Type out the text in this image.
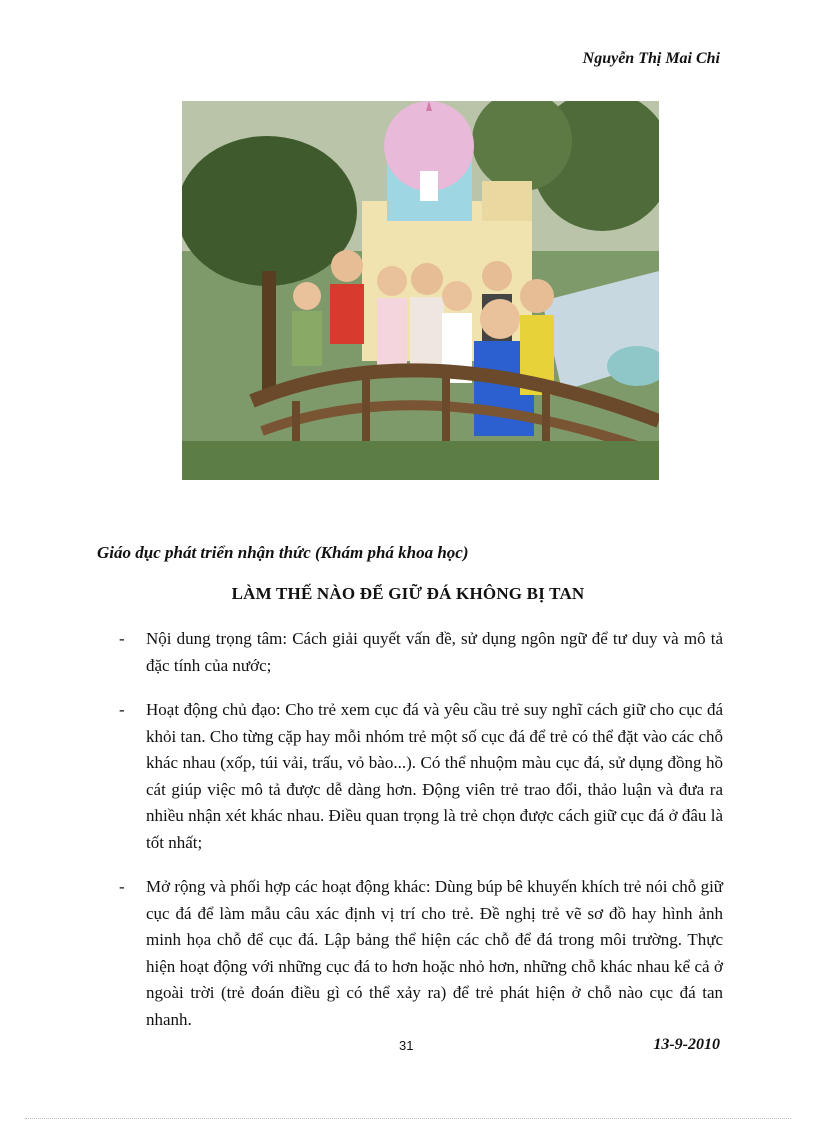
Nguyễn Thị Mai Chi
Giáo dục phát triển nhận thức (Khám phá khoa học)
LÀM THẾ NÀO ĐỂ GIỮ ĐÁ KHÔNG BỊ TAN
- Nội dung trọng tâm: Cách giải quyết vấn đề, sử dụng ngôn ngữ để tư duy và mô tả đặc tính của nước;
- Hoạt động chủ đạo: Cho trẻ xem cục đá và yêu cầu trẻ suy nghĩ cách giữ cho cục đá khỏi tan. Cho từng cặp hay mỗi nhóm trẻ một số cục đá để trẻ có thể đặt vào các chỗ khác nhau (xốp, túi vải, trấu, vỏ bào...). Có thể nhuộm màu cục đá, sử dụng đồng hồ cát giúp việc mô tả được dễ dàng hơn. Động viên trẻ trao đổi, thảo luận và đưa ra nhiều nhận xét khác nhau. Điều quan trọng là trẻ chọn được cách giữ cục đá ở đâu là tốt nhất;
- Mở rộng và phối hợp các hoạt động khác: Dùng búp bê khuyến khích trẻ nói chỗ giữ cục đá để làm mẫu câu xác định vị trí cho trẻ. Đề nghị trẻ vẽ sơ đồ hay hình ảnh minh họa chỗ để cục đá. Lập bảng thể hiện các chỗ để đá trong môi trường. Thực hiện hoạt động với những cục đá to hơn hoặc nhỏ hơn, những chỗ khác nhau kể cả ở ngoài trời (trẻ đoán điều gì có thể xảy ra) để trẻ phát hiện ở chỗ nào cục đá tan nhanh.
31	13-9-2010
